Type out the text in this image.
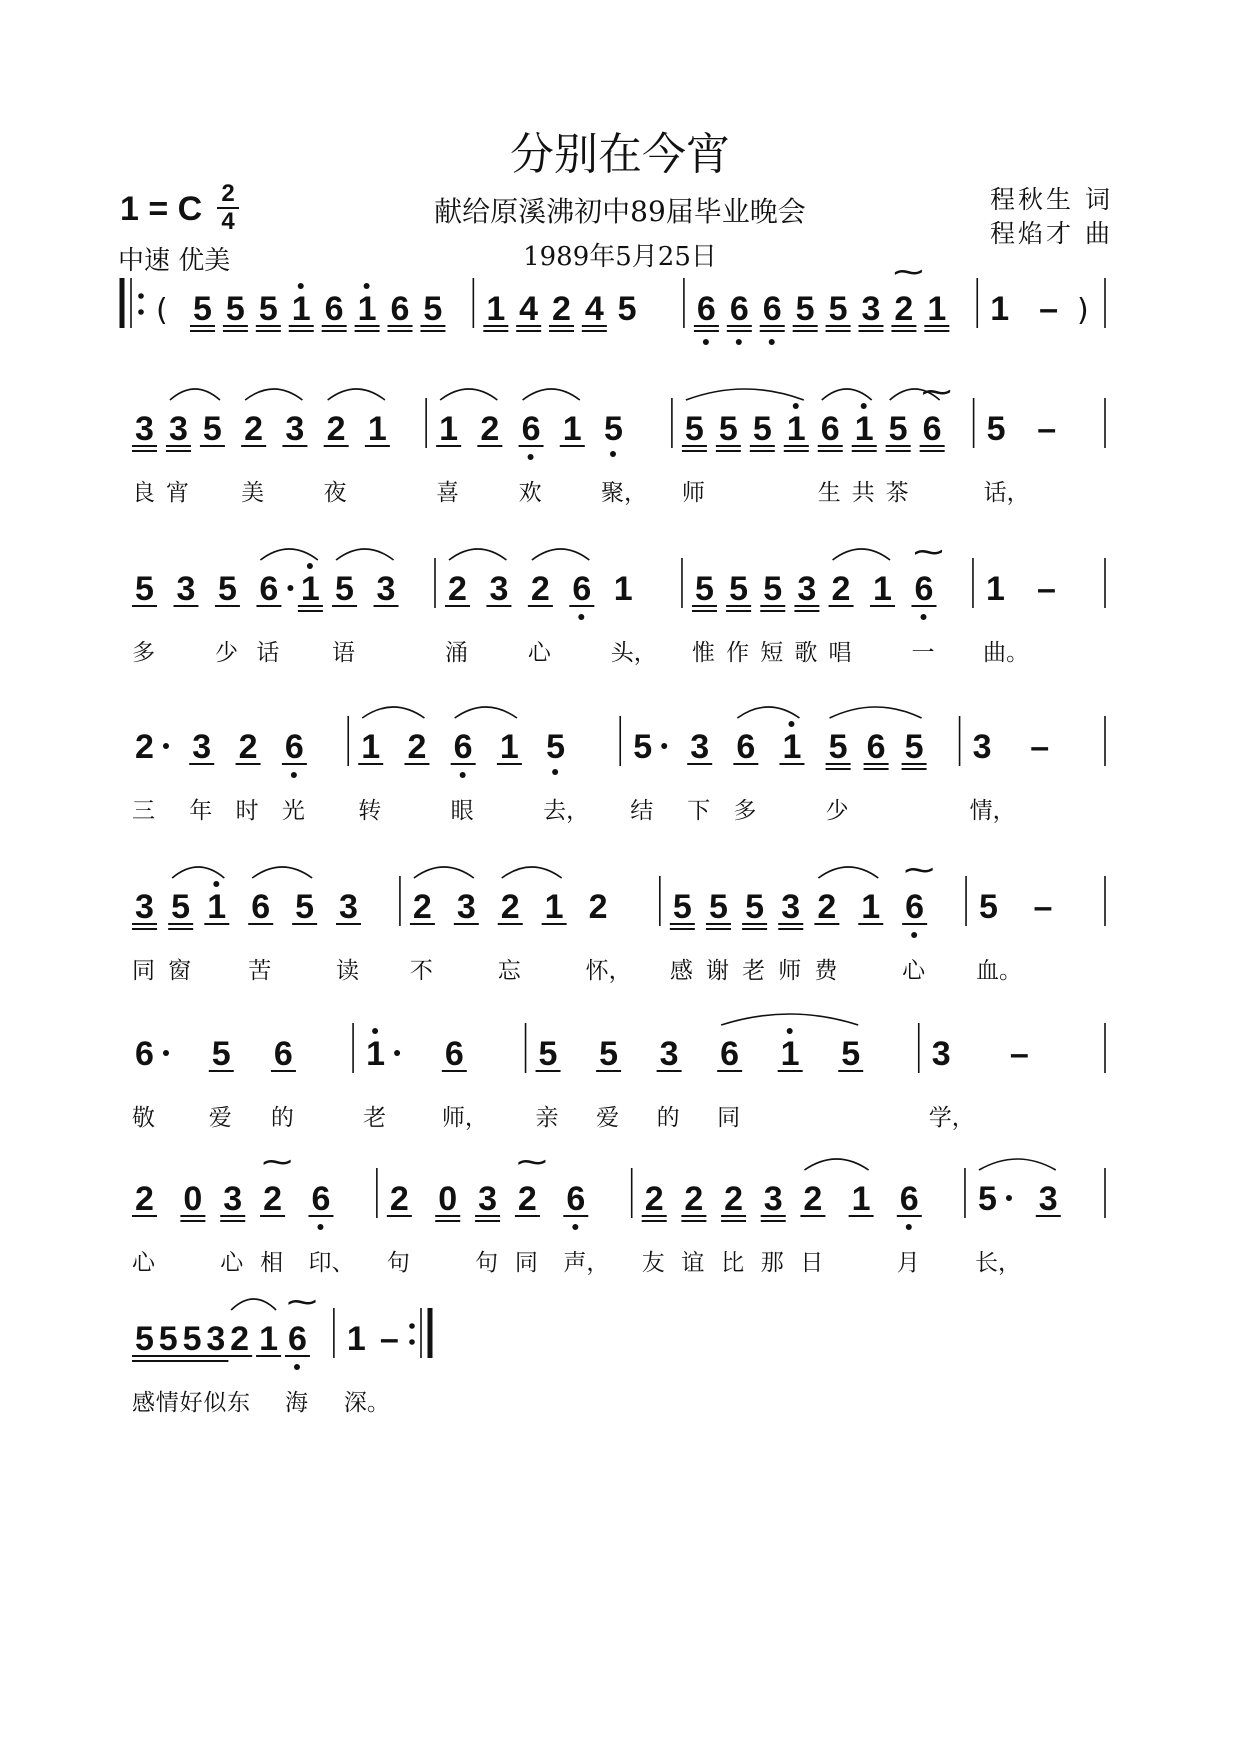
分别在今宵
1 = C 2
4
中速 优美
献给原溪沸初中89届毕业晚会
1989年5月25日
程秋生 词
程焰才 曲
( 5 5 5 1 6 1 6 5 1 4 2 4 5 6 6 6 5 5 3 2
⁓
1 1 – )
3
良
3
宵
5 2
美
3 2
夜
1 1
喜
2 6
欢
1 5
聚，
5
师
5 5 1 6
生
1
共
5
茶
6
⁓
5
话，
–
5
多
3 5
少
6
话
1 5
语
3 2
涌
3 2
心
6 1
头，
5
惟
5
作
5
短
3
歌
2
唱
1 6
⁓
一
1
曲。
–
2
三
3
年
2
时
6
光
1
转
2 6
眼
1 5
去，
5
结
3
下
6
多
1 5
少
6 5 3
情，
–
3
同
5
窗
1 6
苦
5 3
读
2
不
3 2
忘
1 2
怀，
5
感
5
谢
5
老
3
师
2
费
1 6
⁓
心
5
血。
–
6
敬
5
爱
6
的
1
老
6
师，
5
亲
5
爱
3
的
6
同
1 5 3
学，
–
2
心
0 3
心
2
⁓
相
6
印、
2
句
0 3
句
2
⁓
同
6
声，
2
友
2
谊
2
比
3
那
2
日
1 6
月
5
长，
3
5
感
5
情
5
好
3
似
2
东
1 6
⁓
海
1
深。
–
